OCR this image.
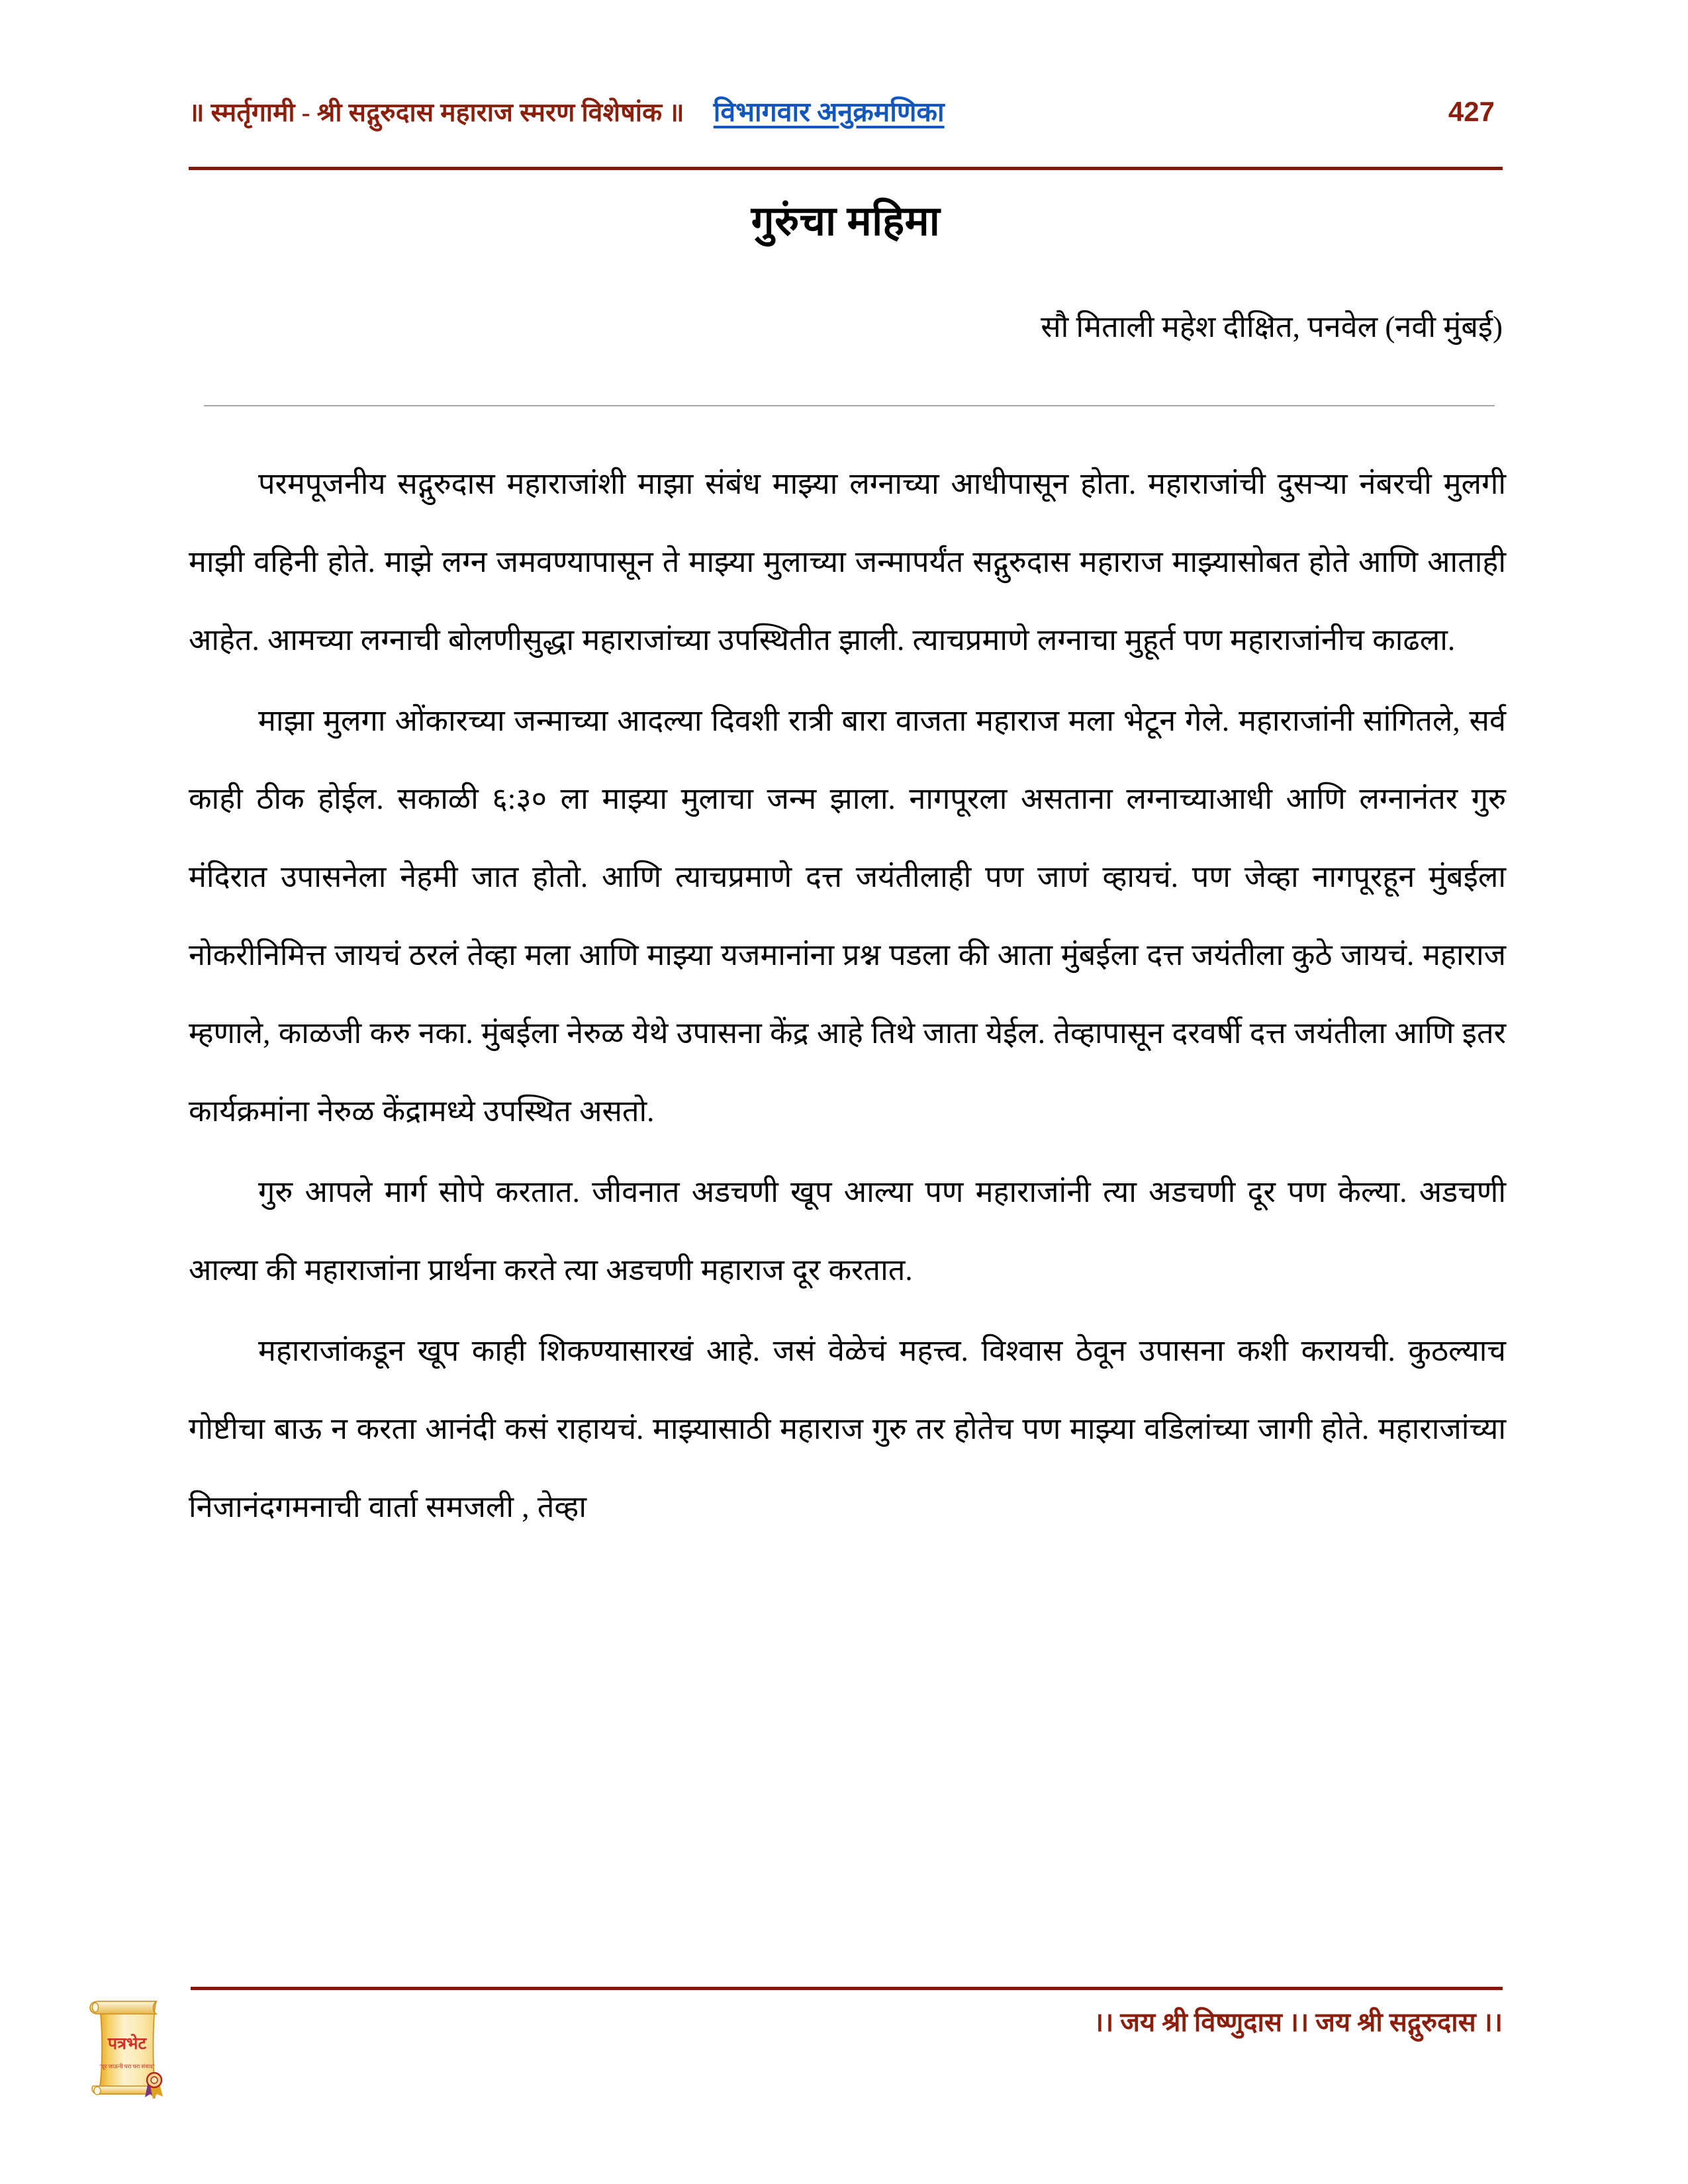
॥ स्मर्तृगामी - श्री सद्गुरुदास महाराज स्मरण विशेषांक ॥ विभागवार अनुक्रमणिका	427
गुरुंचा महिमा
सौ मिताली महेश दीक्षित, पनवेल (नवी मुंबई)

परमपूजनीय सद्गुरुदास महाराजांशी माझा संबंध माझ्या लग्नाच्या आधीपासून होता. महाराजांची दुसऱ्या नंबरची मुलगी माझी वहिनी होते. माझे लग्न जमवण्यापासून ते माझ्या मुलाच्या जन्मापर्यंत सद्गुरुदास महाराज माझ्यासोबत होते आणि आताही आहेत. आमच्या लग्नाची बोलणीसुद्धा महाराजांच्या उपस्थितीत झाली. त्याचप्रमाणे लग्नाचा मुहूर्त पण महाराजांनीच काढला.

माझा मुलगा ओंकारच्या जन्माच्या आदल्या दिवशी रात्री बारा वाजता महाराज मला भेटून गेले. महाराजांनी सांगितले, सर्व काही ठीक होईल. सकाळी ६:३० ला माझ्या मुलाचा जन्म झाला. नागपूरला असताना लग्नाच्याआधी आणि लग्नानंतर गुरु मंदिरात उपासनेला नेहमी जात होतो. आणि त्याचप्रमाणे दत्त जयंतीलाही पण जाणं व्हायचं. पण जेव्हा नागपूरहून मुंबईला नोकरीनिमित्त जायचं ठरलं तेव्हा मला आणि माझ्या यजमानांना प्रश्न पडला की आता मुंबईला दत्त जयंतीला कुठे जायचं. महाराज म्हणाले, काळजी करु नका. मुंबईला नेरुळ येथे उपासना केंद्र आहे तिथे जाता येईल. तेव्हापासून दरवर्षी दत्त जयंतीला आणि इतर कार्यक्रमांना नेरुळ केंद्रामध्ये उपस्थित असतो.

गुरु आपले मार्ग सोपे करतात. जीवनात अडचणी खूप आल्या पण महाराजांनी त्या अडचणी दूर पण केल्या. अडचणी आल्या की महाराजांना प्रार्थना करते त्या अडचणी महाराज दूर करतात.

महाराजांकडून खूप काही शिकण्यासारखं आहे. जसं वेळेचं महत्त्व. विश्वास ठेवून उपासना कशी करायची. कुठल्याच गोष्टीचा बाऊ न करता आनंदी कसं राहायचं. माझ्यासाठी महाराज गुरु तर होतेच पण माझ्या वडिलांच्या जागी होते. महाराजांच्या निजानंदगमनाची वार्ता समजली , तेव्हा

।। जय श्री विष्णुदास ।। जय श्री सद्गुरुदास ।।
पत्रभेट
"दूर जाऊनी घरा घरा संवाद"
